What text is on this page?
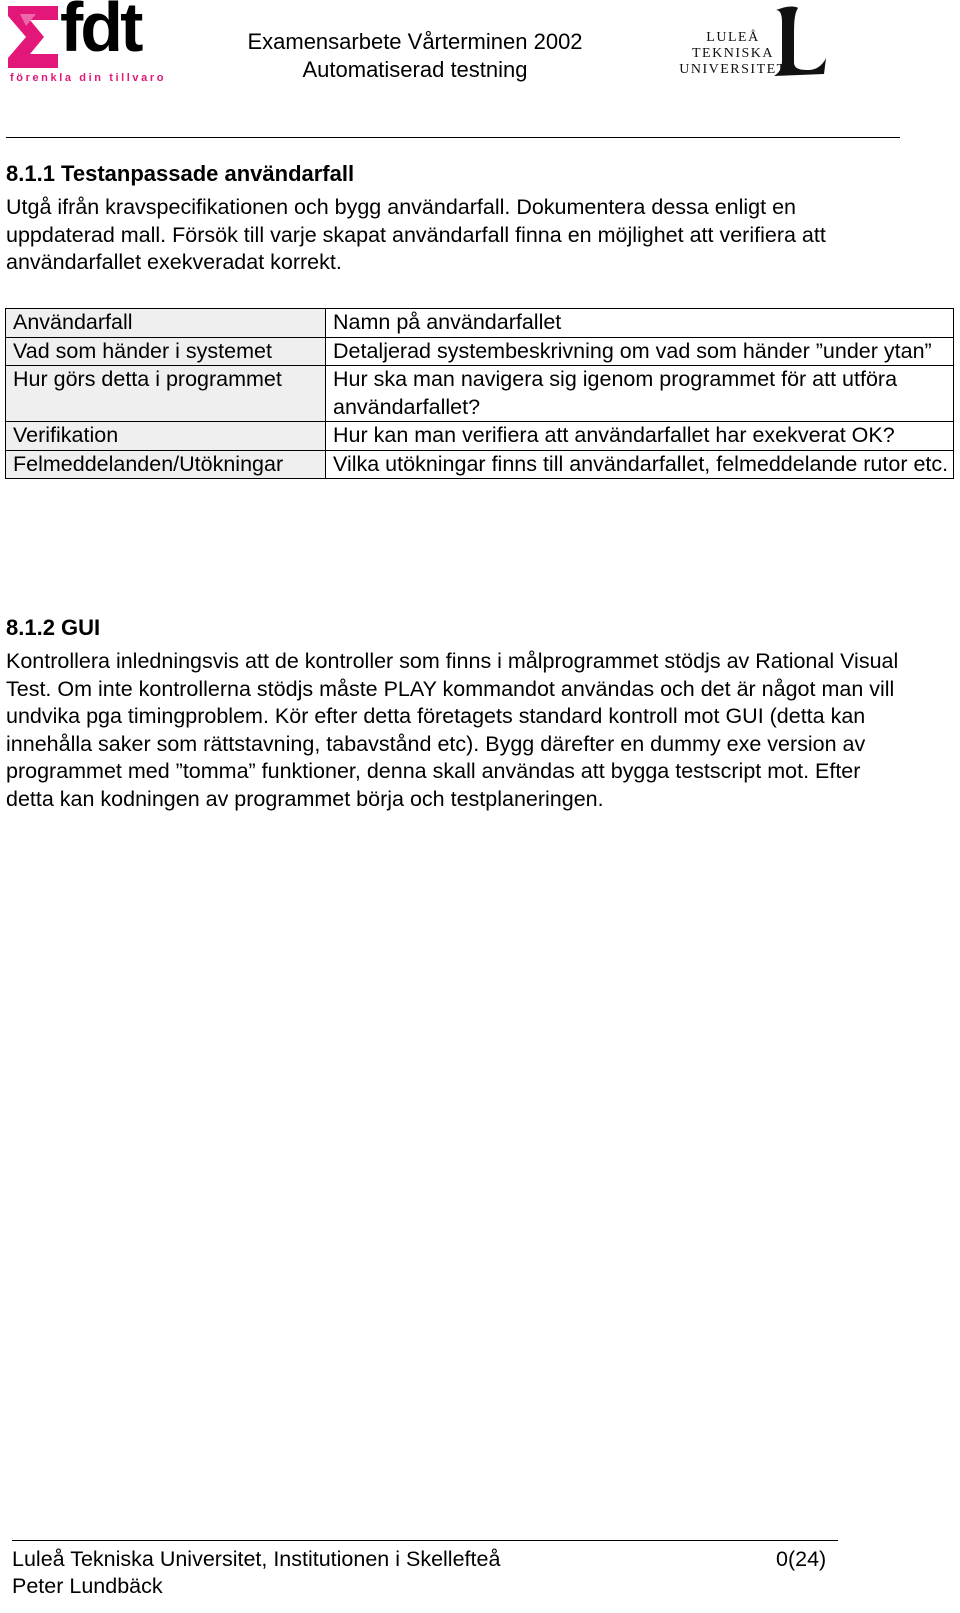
fdt
förenkla din tillvaro
Examensarbete Vårterminen 2002
Automatiserad testning
LULEÅ
TEKNISKA
UNIVERSITET
8.1.1 Testanpassade användarfall

Utgå ifrån kravspecifikationen och bygg användarfall. Dokumentera dessa enligt en uppdaterad mall. Försök till varje skapat användarfall finna en möjlighet att verifiera att användarfallet exekveradat korrekt.

Användarfall	Namn på användarfallet
Vad som händer i systemet	Detaljerad systembeskrivning om vad som händer ”under ytan”
Hur görs detta i programmet	Hur ska man navigera sig igenom programmet för att utföra användarfallet?
Verifikation	Hur kan man verifiera att användarfallet har exekverat OK?
Felmeddelanden/Utökningar	Vilka utökningar finns till användarfallet, felmeddelande rutor etc.
8.1.2 GUI

Kontrollera inledningsvis att de kontroller som finns i målprogrammet stödjs av Rational Visual Test. Om inte kontrollerna stödjs måste PLAY kommandot användas och det är något man vill undvika pga timingproblem. Kör efter detta företagets standard kontroll mot GUI (detta kan innehålla saker som rättstavning, tabavstånd etc). Bygg därefter en dummy exe version av programmet med ”tomma” funktioner, denna skall användas att bygga testscript mot. Efter detta kan kodningen av programmet börja och testplaneringen.

Luleå Tekniska Universitet, Institutionen i Skellefteå	0(24)
Peter Lundbäck
